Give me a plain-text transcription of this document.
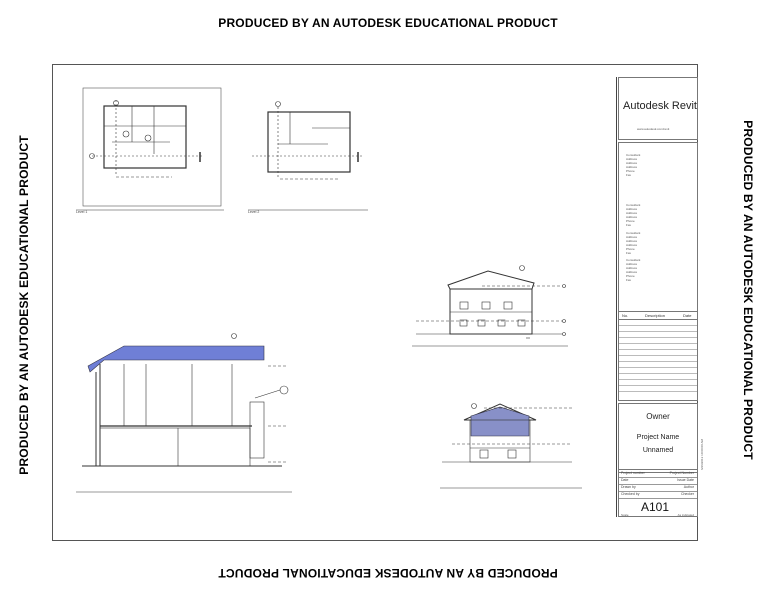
PRODUCED BY AN AUTODESK EDUCATIONAL PRODUCT
PRODUCED BY AN AUTODESK EDUCATIONAL PRODUCT
PRODUCED BY AN AUTODESK EDUCATIONAL PRODUCT	PRODUCED BY AN AUTODESK EDUCATIONAL PRODUCT
Level 1	Level 2
Autodesk Revit
www.autodesk.com/revit
Consultant
Address
Address
Address
Phone
Fax
Consultant
Address
Address
Address
Phone
Fax
Consultant
Address
Address
Address
Phone
Fax
Consultant
Address
Address
Address
Phone
Fax
No.	Description	Date
Owner
Project Name
Unnamed
Project number	Project Number
Date	Issue Date
Drawn by	Author
Checked by	Checker
A101
Scale	As indicated
6/26/2013 10:00:00 AM
